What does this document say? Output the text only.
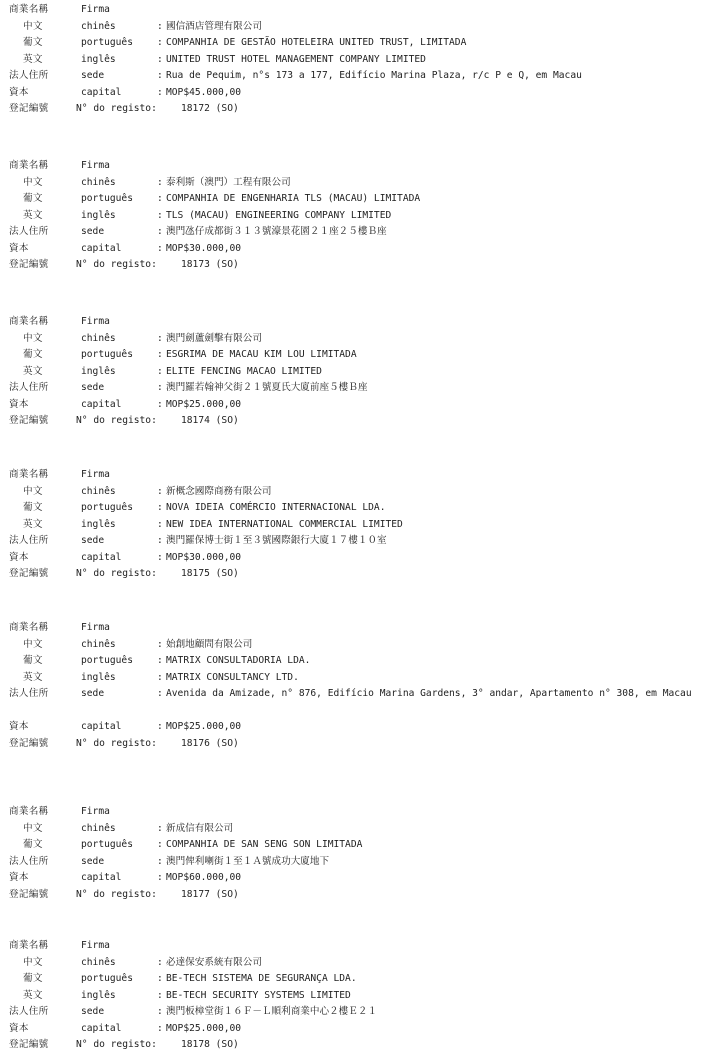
商業名稱	Firma
中文	chinês	: 國信酒店管理有限公司
葡文	português	: COMPANHIA DE GESTÃO HOTELEIRA UNITED TRUST, LIMITADA
英文	inglês	: UNITED TRUST HOTEL MANAGEMENT COMPANY LIMITED
法人住所	sede	: Rua de Pequim, n°s 173 a 177, Edifício Marina Plaza, r/c P e Q, em Macau
資本	capital	: MOP$45.000,00
登記編號	N° do registo:	18172 (SO)
商業名稱	Firma
中文	chinês	: 泰利斯（澳門）工程有限公司
葡文	português	: COMPANHIA DE ENGENHARIA TLS (MACAU) LIMITADA
英文	inglês	: TLS (MACAU) ENGINEERING COMPANY LIMITED
法人住所	sede	: 澳門氹仔成都街３１３號濠景花園２１座２５樓Ｂ座
資本	capital	: MOP$30.000,00
登記編號	N° do registo:	18173 (SO)
商業名稱	Firma
中文	chinês	: 澳門劍蘆劍擊有限公司
葡文	português	: ESGRIMA DE MACAU KIM LOU LIMITADA
英文	inglês	: ELITE FENCING MACAO LIMITED
法人住所	sede	: 澳門羅若翰神父街２１號夏氏大廈前座５樓Ｂ座
資本	capital	: MOP$25.000,00
登記編號	N° do registo:	18174 (SO)
商業名稱	Firma
中文	chinês	: 新概念國際商務有限公司
葡文	português	: NOVA IDEIA COMÉRCIO INTERNACIONAL LDA.
英文	inglês	: NEW IDEA INTERNATIONAL COMMERCIAL LIMITED
法人住所	sede	: 澳門羅保博士街１至３號國際銀行大廈１７樓１０室
資本	capital	: MOP$30.000,00
登記編號	N° do registo:	18175 (SO)
商業名稱	Firma
中文	chinês	: 始創地顧問有限公司
葡文	português	: MATRIX CONSULTADORIA LDA.
英文	inglês	: MATRIX CONSULTANCY LTD.
法人住所	sede	: Avenida da Amizade, n° 876, Edifício Marina Gardens, 3° andar, Apartamento n° 308, em Macau
資本	capital	: MOP$25.000,00
登記編號	N° do registo:	18176 (SO)
商業名稱	Firma
中文	chinês	: 新成信有限公司
葡文	português	: COMPANHIA DE SAN SENG SON LIMITADA
法人住所	sede	: 澳門俾利喇街１至１Ａ號成功大廈地下
資本	capital	: MOP$60.000,00
登記編號	N° do registo:	18177 (SO)
商業名稱	Firma
中文	chinês	: 必達保安系統有限公司
葡文	português	: BE-TECH SISTEMA DE SEGURANÇA LDA.
英文	inglês	: BE-TECH SECURITY SYSTEMS LIMITED
法人住所	sede	: 澳門板樟堂街１６Ｆ－Ｌ順利商業中心２樓Ｅ２１
資本	capital	: MOP$25.000,00
登記編號	N° do registo:	18178 (SO)
